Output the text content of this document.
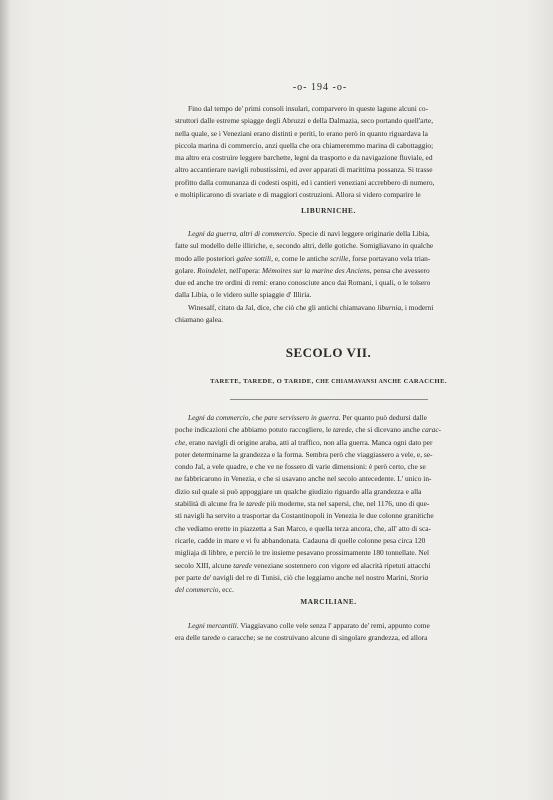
-o- 194 -o-

Fino dal tempo de' primi consoli insulari, comparvero in queste lagune alcuni co-

struttori dalle estreme spiagge degli Abruzzi e della Dalmazia, seco portando quell'arte,

nella quale, se i Veneziani erano distinti e periti, lo erano però in quanto riguardava la

piccola marina di commercio, anzi quella che ora chiameremmo marina di cabottaggio;

ma altro era costruire leggere barchette, legni da trasporto e da navigazione fluviale, ed

altro accantierare navigli robustissimi, ed aver apparati di marittima possanza. Si trasse

profitto dalla comunanza di codesti ospiti, ed i cantieri veneziani accrebbero di numero,

e moltiplicarono di svariate e di maggiori costruzioni. Allora si videro comparire le

LIBURNICHE.

Legni da guerra, altri di commercio. Specie di navi leggere originarie della Libia,

fatte sul modello delle illiriche, e, secondo altri, delle gotiche. Somigliavano in qualche

modo alle posteriori galee sottili, e, come le antiche scrille, forse portavano vela trian-

golare. Roindelet, nell'opera: Mémoires sur la marine des Anciens, pensa che avessero

due ed anche tre ordini di remi: erano conosciute anco dai Romani, i quali, o le tolsero

dalla Libia, o le videro sulle spiaggie d' Illiria.

Winesalf, citato da Jal, dice, che ciò che gli antichi chiamavano liburnia, i moderni

chiamano galea.

SECOLO VII.
TARETE, TAREDE, O TARIDE, CHE CHIAMAVANSI ANCHE CARACCHE.

Legni da commercio, che pare servissero in guerra. Per quanto può dedursi dalle

poche indicazioni che abbiamo potuto raccogliere, le tarede, che si dicevano anche carac-

che, erano navigli di origine araba, atti al traffico, non alla guerra. Manca ogni dato per

poter determinarne la grandezza e la forma. Sembra però che viaggiassero a vele, e, se-

condo Jal, a vele quadre, e che ve ne fossero di varie dimensioni: è però certo, che se

ne fabbricarono in Venezia, e che si usavano anche nel secolo antecedente. L' unico in-

dizio sul quale si può appoggiare un qualche giudizio riguardo alla grandezza e alla

stabilità di alcune fra le tarede più moderne, sta nel sapersi, che, nel 1176, uno di que-

sti navigli ha servito a trasportar da Costantinopoli in Venezia le due colonne granitiche

che vediamo erette in piazzetta a San Marco, e quella terza ancora, che, all' atto di sca-

ricarle, cadde in mare e vi fu abbandonata. Cadauna di quelle colonne pesa circa 120

migliaja di libbre, e perciò le tre insieme pesavano prossimamente 180 tonnellate. Nel

secolo XIII, alcune tarede veneziane sostennero con vigore ed alacrità ripetuti attacchi

per parte de' navigli del re di Tunisi, ciò che leggiamo anche nel nostro Marini, Storia

del commercio, ecc.

MARCILIANE.

Legni mercantili. Viaggiavano colle vele senza l' apparato de' remi, appunto come

era delle tarede o caracche; se ne costruivano alcune di singolare grandezza, ed allora
